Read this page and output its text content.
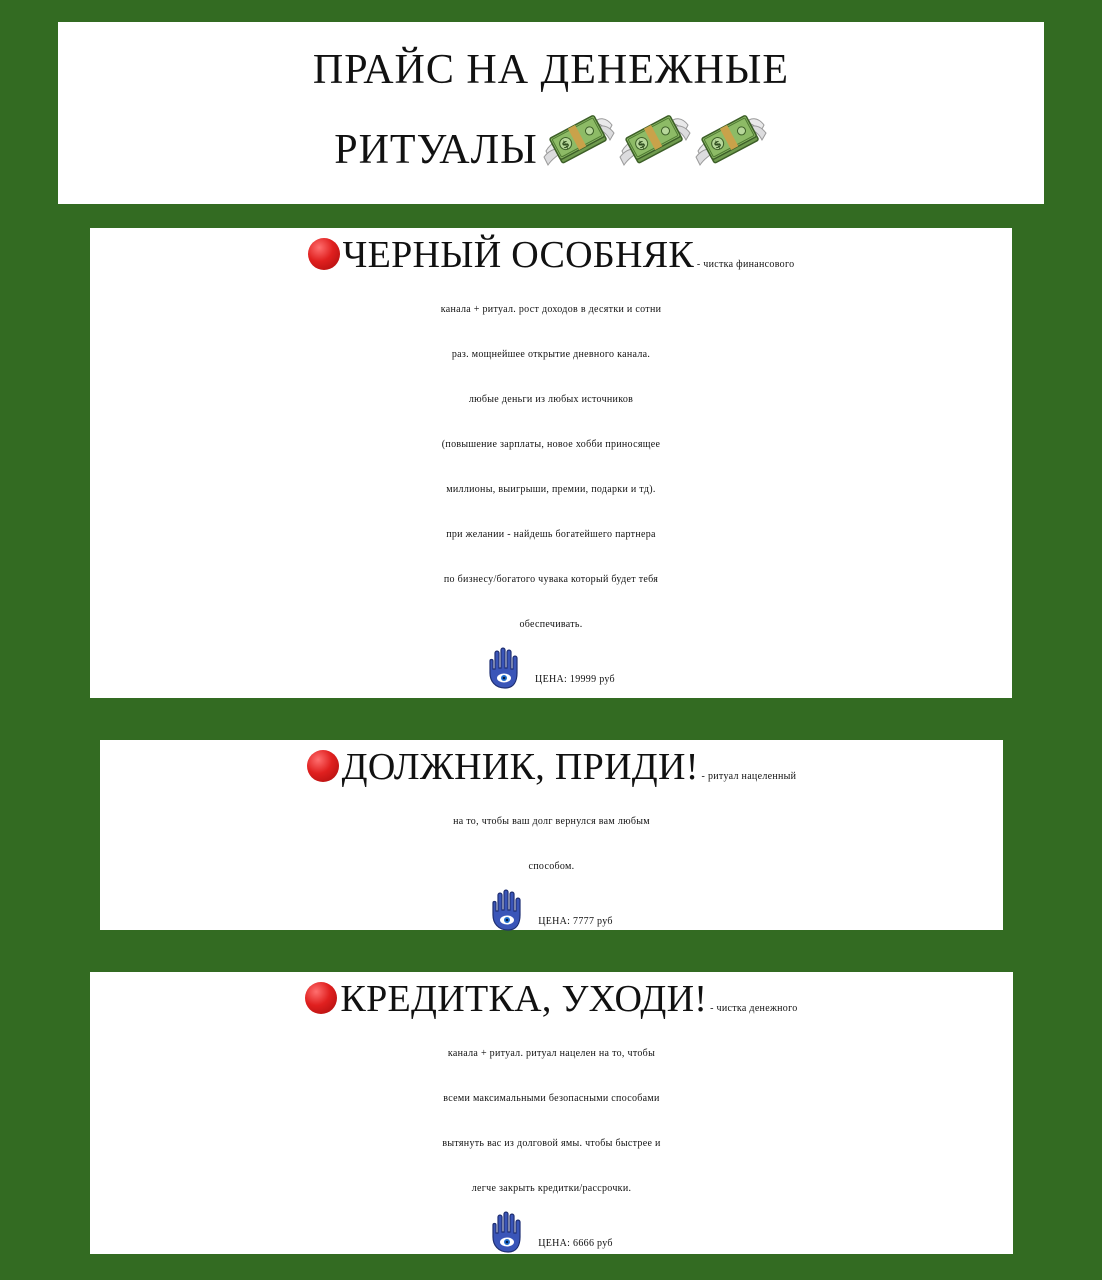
ПРАЙС НА ДЕНЕЖНЫЕ
РИТУАЛЫ
ЧЕРНЫЙ ОСОБНЯК - чистка финансового
канала + ритуал. рост доходов в десятки и сотни
раз. мощнейшее открытие дневного канала.
любые деньги из любых источников
(повышение зарплаты, новое хобби приносящее
миллионы, выигрыши, премии, подарки и тд).
при желании - найдешь богатейшего партнера
по бизнесу/богатого чувака который будет тебя
обеспечивать.
ЦЕНА: 19999 руб
ДОЛЖНИК, ПРИДИ! - ритуал нацеленный
на то, чтобы ваш долг вернулся вам любым
способом.
ЦЕНА: 7777 руб
КРЕДИТКА, УХОДИ! - чистка денежного
канала + ритуал. ритуал нацелен на то, чтобы
всеми максимальными безопасными способами
вытянуть вас из долговой ямы. чтобы быстрее и
легче закрыть кредитки/рассрочки.
ЦЕНА: 6666 руб
